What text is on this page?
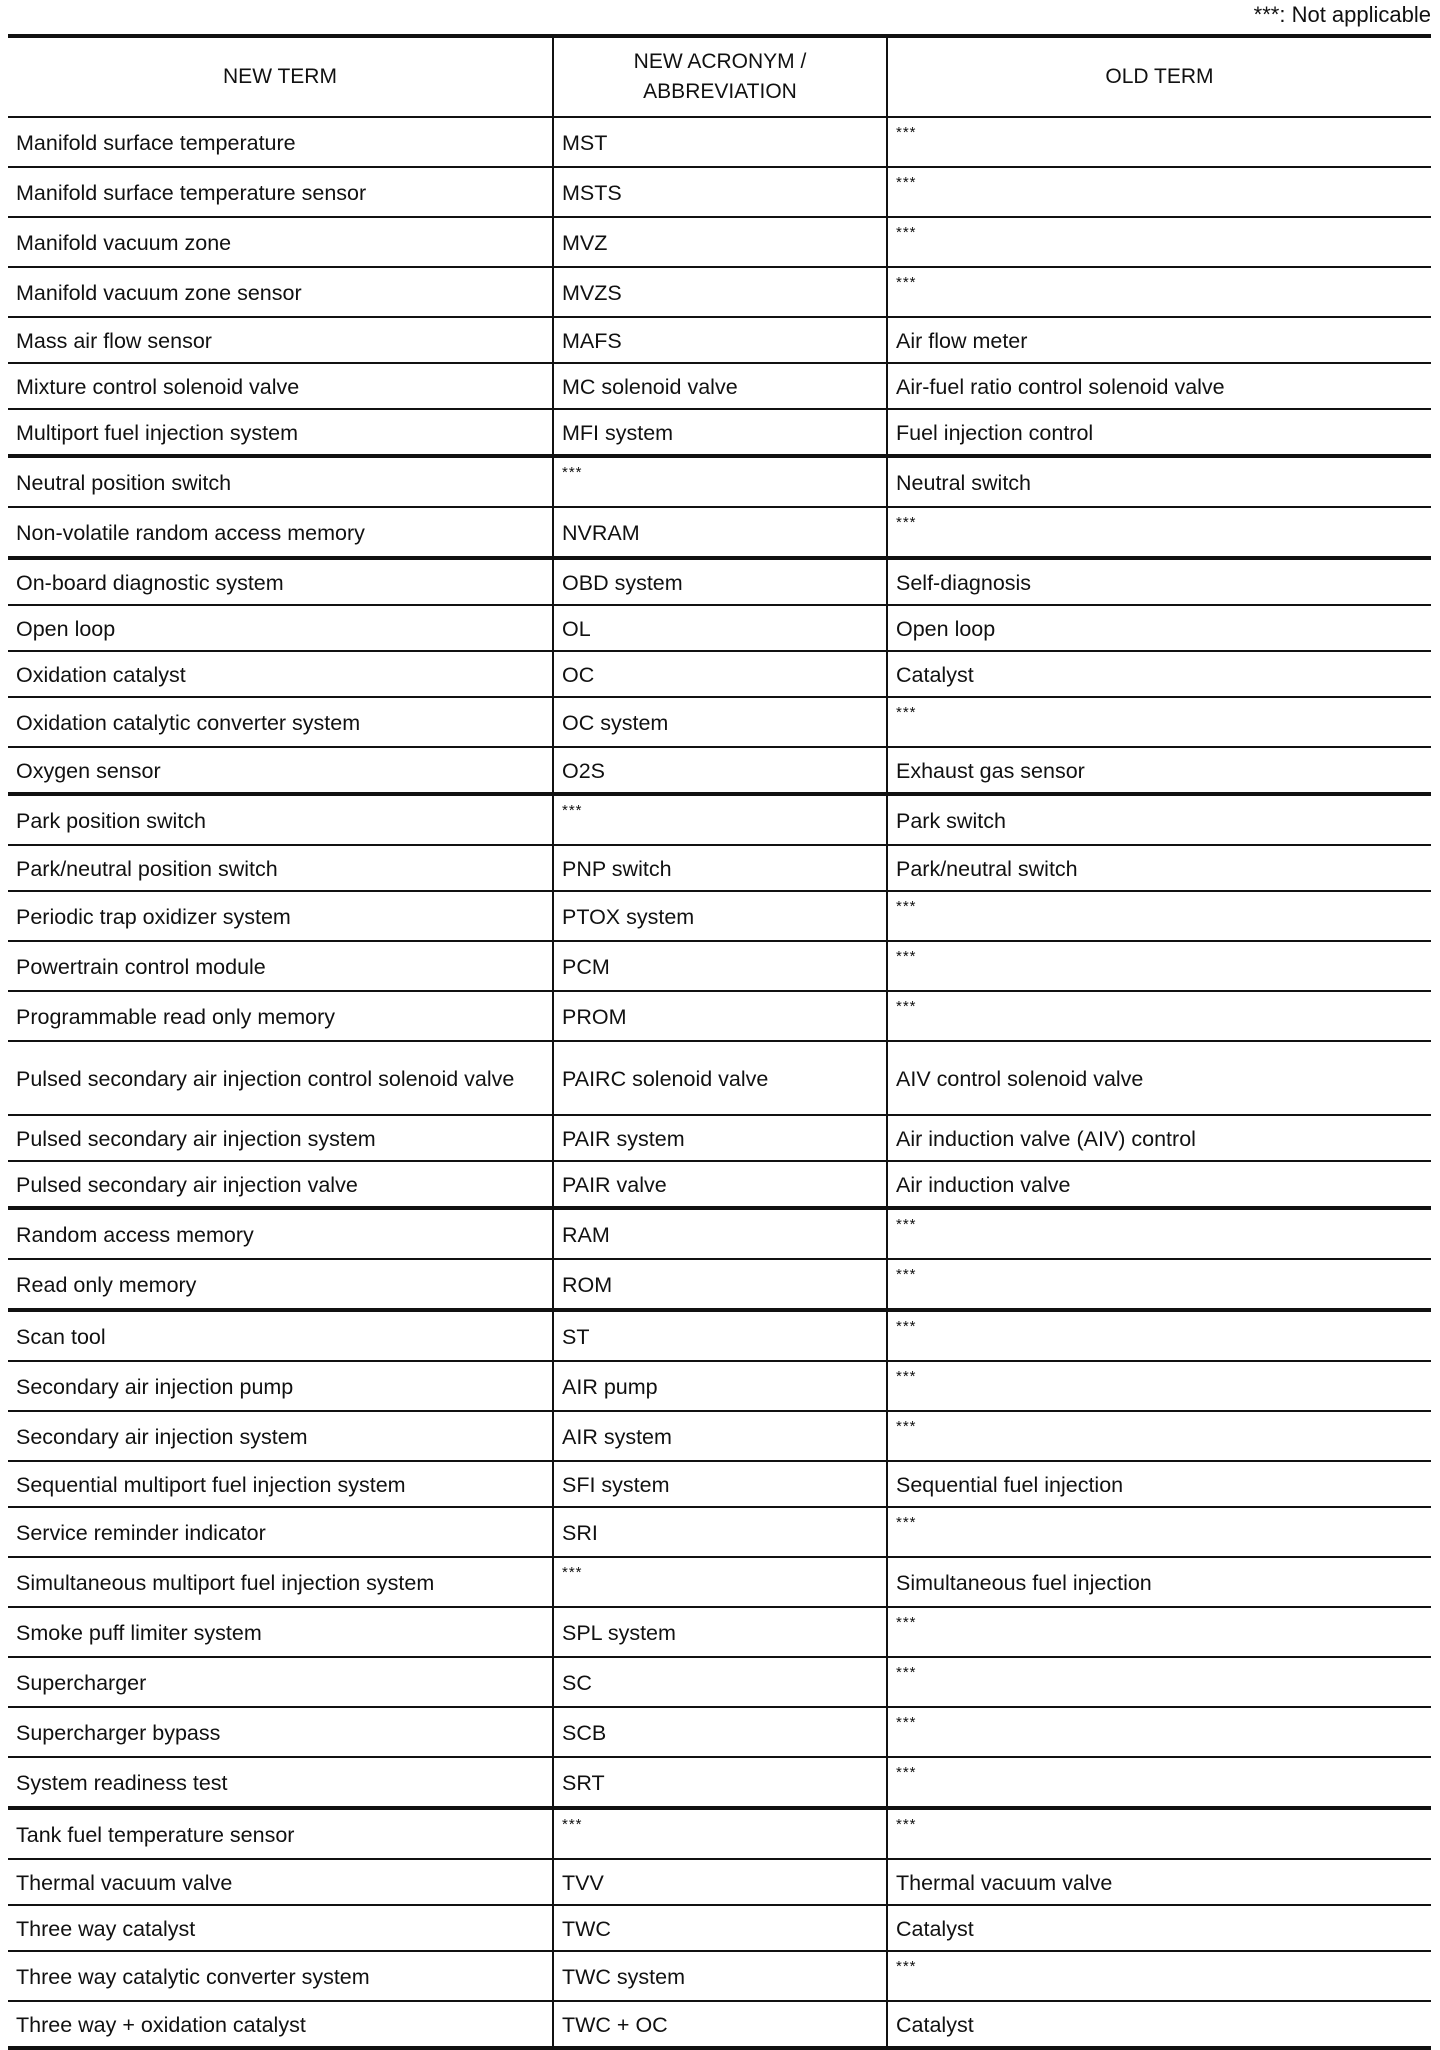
***: Not applicable
NEW TERM	NEW ACRONYM /
ABBREVIATION	OLD TERM
Manifold surface temperature	MST	***
Manifold surface temperature sensor	MSTS	***
Manifold vacuum zone	MVZ	***
Manifold vacuum zone sensor	MVZS	***
Mass air flow sensor	MAFS	Air flow meter
Mixture control solenoid valve	MC solenoid valve	Air-fuel ratio control solenoid valve
Multiport fuel injection system	MFI system	Fuel injection control
Neutral position switch	***	Neutral switch
Non-volatile random access memory	NVRAM	***
On-board diagnostic system	OBD system	Self-diagnosis
Open loop	OL	Open loop
Oxidation catalyst	OC	Catalyst
Oxidation catalytic converter system	OC system	***
Oxygen sensor	O2S	Exhaust gas sensor
Park position switch	***	Park switch
Park/neutral position switch	PNP switch	Park/neutral switch
Periodic trap oxidizer system	PTOX system	***
Powertrain control module	PCM	***
Programmable read only memory	PROM	***
Pulsed secondary air injection control solenoid valve	PAIRC solenoid valve	AIV control solenoid valve
Pulsed secondary air injection system	PAIR system	Air induction valve (AIV) control
Pulsed secondary air injection valve	PAIR valve	Air induction valve
Random access memory	RAM	***
Read only memory	ROM	***
Scan tool	ST	***
Secondary air injection pump	AIR pump	***
Secondary air injection system	AIR system	***
Sequential multiport fuel injection system	SFI system	Sequential fuel injection
Service reminder indicator	SRI	***
Simultaneous multiport fuel injection system	***	Simultaneous fuel injection
Smoke puff limiter system	SPL system	***
Supercharger	SC	***
Supercharger bypass	SCB	***
System readiness test	SRT	***
Tank fuel temperature sensor	***	***
Thermal vacuum valve	TVV	Thermal vacuum valve
Three way catalyst	TWC	Catalyst
Three way catalytic converter system	TWC system	***
Three way + oxidation catalyst	TWC + OC	Catalyst
